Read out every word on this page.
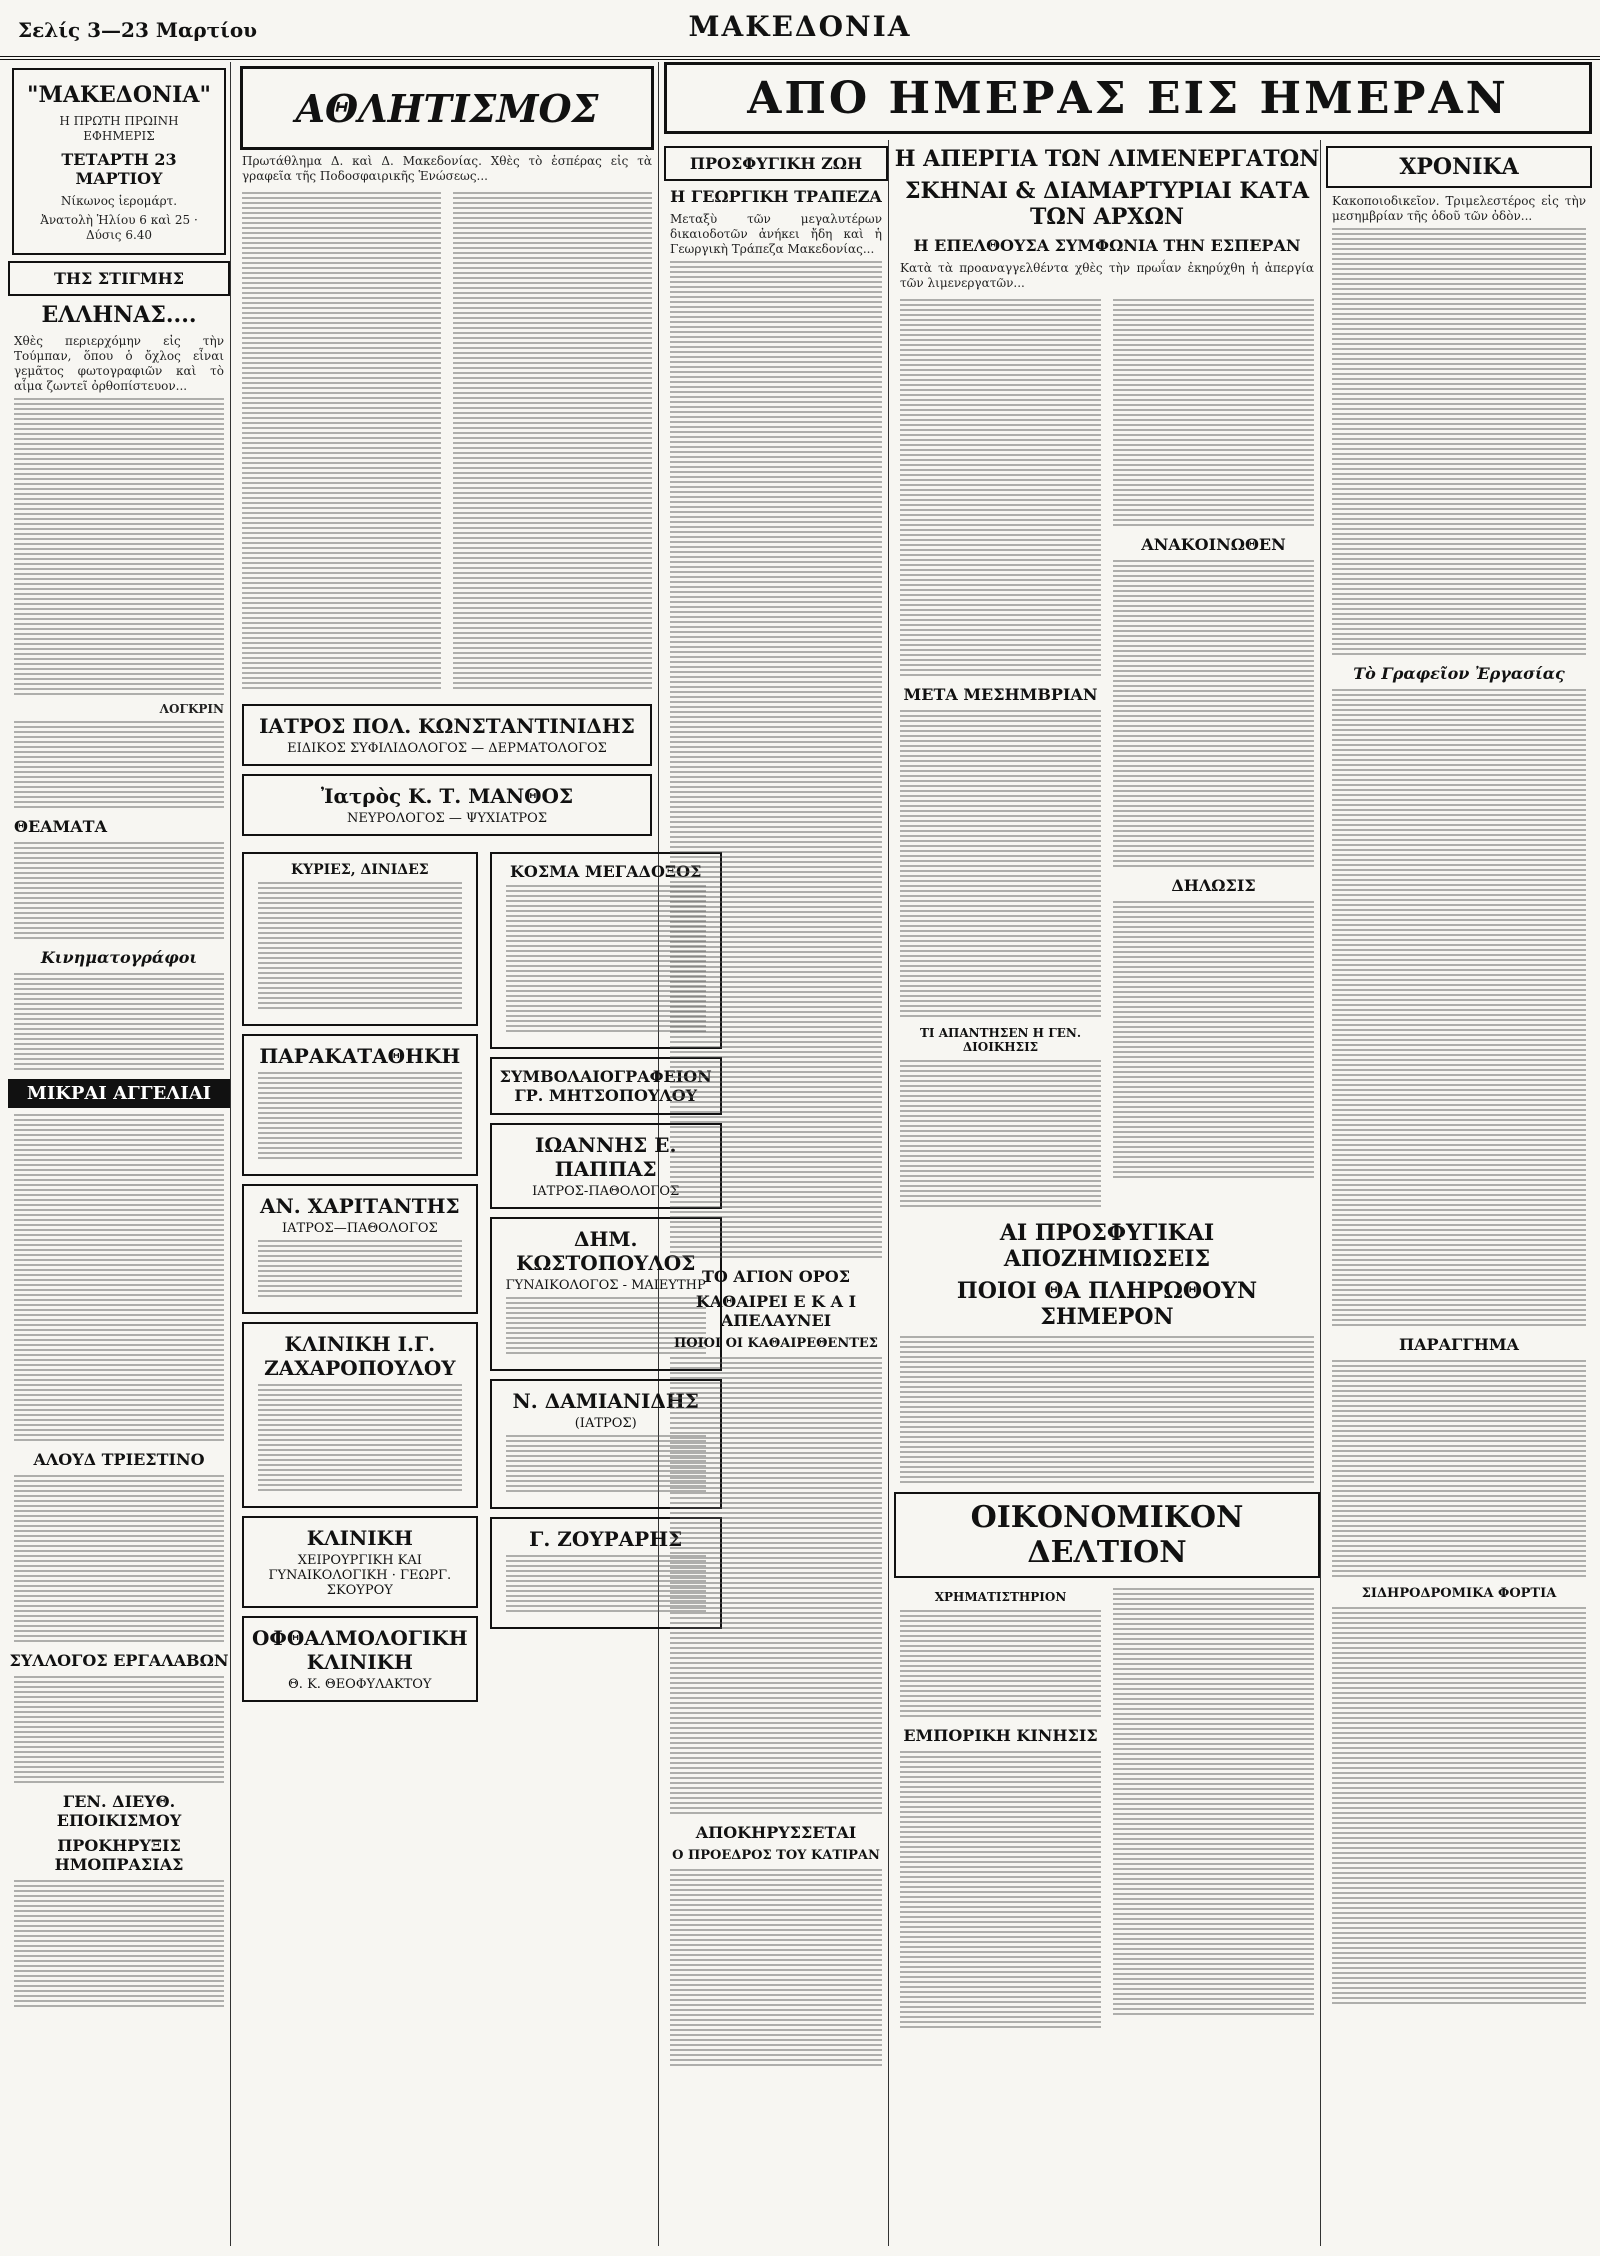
Σελίς 3—23 Μαρτίου	ΜΑΚΕΔΟΝΙΑ
"ΜΑΚΕΔΟΝΙΑ"
Η ΠΡΩΤΗ ΠΡΩΙΝΗ ΕΦΗΜΕΡΙΣ
ΤΕΤΑΡΤΗ 23 ΜΑΡΤΙΟΥ
Νίκωνος ἱερομάρτ.
Ἀνατολὴ Ἡλίου 6 καὶ 25 · Δύσις 6.40
ΤΗΣ ΣΤΙΓΜΗΣ
ΕΛΛΗΝΑΣ....
Χθὲς περιερχόμην εἰς τὴν Τούμπαν, ὅπου ὁ ὄχλος εἶναι γεμᾶτος φωτογραφιῶν καὶ τὸ αἷμα ζωντεῖ ὀρθοπίστευον...
ΛΟΓΚΡΙΝ
ΘΕΑΜΑΤΑ
Κινηματογράφοι
ΜΙΚΡΑΙ ΑΓΓΕΛΙΑΙ
ΑΛΟΥΔ ΤΡΙΕΣΤΙΝΟ
ΣΥΛΛΟΓΟΣ ΕΡΓΑΛΑΒΩΝ
ΓΕΝ. ΔΙΕΥΘ. ΕΠΟΙΚΙΣΜΟΥ
ΠΡΟΚΗΡΥΞΙΣ ΗΜΟΠΡΑΣΙΑΣ
ΑΘΛΗΤΙΣΜΟΣ
Πρωτάθλημα Δ. καὶ Δ. Μακεδονίας. Χθὲς τὸ ἑσπέρας εἰς τὰ γραφεῖα τῆς Ποδοσφαιρικῆς Ἑνώσεως...
ΙΑΤΡΟΣ ΠΟΛ. ΚΩΝΣΤΑΝΤΙΝΙΔΗΣ
ΕΙΔΙΚΟΣ ΣΥΦΙΛΙΔΟΛΟΓΟΣ — ΔΕΡΜΑΤΟΛΟΓΟΣ
Ἰατρὸς Κ. Τ. ΜΑΝΘΟΣ
ΝΕΥΡΟΛΟΓΟΣ — ΨΥΧΙΑΤΡΟΣ
ΚΥΡΙΕΣ, ΔΙΝΙΔΕΣ
ΠΑΡΑΚΑΤΑΘΗΚΗ
ΑΝ. ΧΑΡΙΤΑΝΤΗΣ
ΙΑΤΡΟΣ—ΠΑΘΟΛΟΓΟΣ
ΚΛΙΝΙΚΗ Ι.Γ. ΖΑΧΑΡΟΠΟΥΛΟΥ
ΚΛΙΝΙΚΗ
ΧΕΙΡΟΥΡΓΙΚΗ ΚΑΙ ΓΥΝΑΙΚΟΛΟΓΙΚΗ · ΓΕΩΡΓ. ΣΚΟΥΡΟΥ
ΟΦΘΑΛΜΟΛΟΓΙΚΗ ΚΛΙΝΙΚΗ
Θ. Κ. ΘΕΟΦΥΛΑΚΤΟΥ
ΚΟΣΜΑ ΜΕΓΑΔΟΞΟΣ
ΣΥΜΒΟΛΑΙΟΓΡΑΦΕΙΟΝ ΓΡ. ΜΗΤΣΟΠΟΥΛΟΥ
ΙΩΑΝΝΗΣ Ε. ΠΑΠΠΑΣ
ΙΑΤΡΟΣ-ΠΑΘΟΛΟΓΟΣ
ΔΗΜ. ΚΩΣΤΟΠΟΥΛΟΣ
ΓΥΝΑΙΚΟΛΟΓΟΣ - ΜΑΙΕΥΤΗΡ
Ν. ΔΑΜΙΑΝΙΔΗΣ
(ΙΑΤΡΟΣ)
Γ. ΖΟΥΡΑΡΗΣ
ΑΠΟ ΗΜΕΡΑΣ ΕΙΣ ΗΜΕΡΑΝ
ΠΡΟΣΦΥΓΙΚΗ ΖΩΗ
Η ΓΕΩΡΓΙΚΗ ΤΡΑΠΕΖΑ
Μεταξὺ τῶν μεγαλυτέρων δικαιοδοτῶν ἀνήκει ἤδη καὶ ἡ Γεωργικὴ Τράπεζα Μακεδονίας...
ΤΟ ΑΓΙΟΝ ΟΡΟΣ
ΚΑΘΑΙΡΕΙ Ε Κ Α Ι ΑΠΕΛΑΥΝΕΙ
ΠΟΙΟΙ ΟΙ ΚΑΘΑΙΡΕΘΕΝΤΕΣ
ΑΠΟΚΗΡΥΣΣΕΤΑΙ
Ο ΠΡΟΕΔΡΟΣ ΤΟΥ ΚΑΤΙΡΑΝ
Η ΑΠΕΡΓΙΑ ΤΩΝ ΛΙΜΕΝΕΡΓΑΤΩΝ
ΣΚΗΝΑΙ & ΔΙΑΜΑΡΤΥΡΙΑΙ ΚΑΤΑ ΤΩΝ ΑΡΧΩΝ
Η ΕΠΕΛΘΟΥΣΑ ΣΥΜΦΩΝΙΑ ΤΗΝ ΕΣΠΕΡΑΝ
Κατὰ τὰ προαναγγελθέντα χθὲς τὴν πρωΐαν ἐκηρύχθη ἡ ἀπεργία τῶν λιμενεργατῶν...
ΜΕΤΑ ΜΕΣΗΜΒΡΙΑΝ
ΤΙ ΑΠΑΝΤΗΣΕΝ Η ΓΕΝ. ΔΙΟΙΚΗΣΙΣ
ΑΝΑΚΟΙΝΩΘΕΝ
ΔΗΛΩΣΙΣ
ΑΙ ΠΡΟΣΦΥΓΙΚΑΙ ΑΠΟΖΗΜΙΩΣΕΙΣ
ΠΟΙΟΙ ΘΑ ΠΛΗΡΩΘΟΥΝ ΣΗΜΕΡΟΝ
ΟΙΚΟΝΟΜΙΚΟΝ ΔΕΛΤΙΟΝ
ΧΡΗΜΑΤΙΣΤΗΡΙΟΝ
ΕΜΠΟΡΙΚΗ ΚΙΝΗΣΙΣ
ΧΡΟΝΙΚΑ
Κακοποιοδικεῖον. Τριμελεστέρος εἰς τὴν μεσημβρίαν τῆς ὁδοῦ τῶν ὀδὸν...
Τὸ Γραφεῖον Ἐργασίας
ΠΑΡΑΓΓΗΜΑ
ΣΙΔΗΡΟΔΡΟΜΙΚΑ ΦΟΡΤΙΑ
